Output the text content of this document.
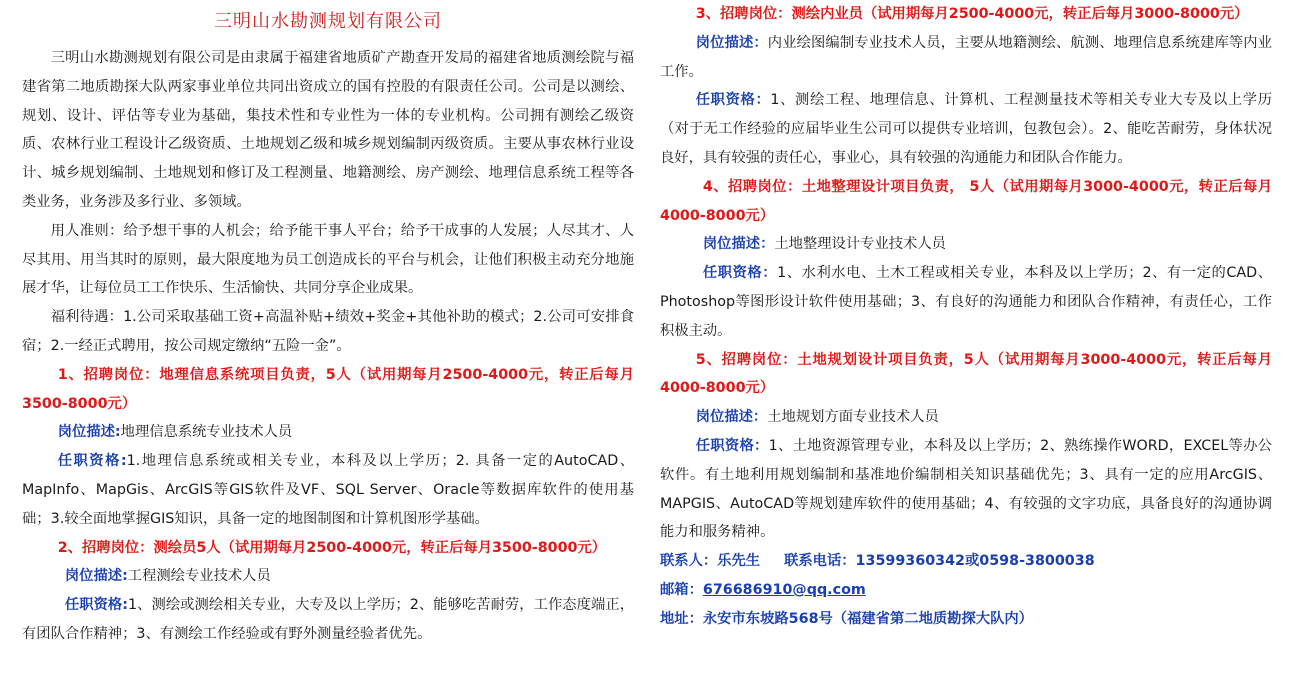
三明山水勘测规划有限公司

三明山水勘测规划有限公司是由隶属于福建省地质矿产勘查开发局的福建省地质测绘院与福建省第二地质勘探大队两家事业单位共同出资成立的国有控股的有限责任公司。公司是以测绘、规划、设计、评估等专业为基础，集技术性和专业性为一体的专业机构。公司拥有测绘乙级资质、农林行业工程设计乙级资质、土地规划乙级和城乡规划编制丙级资质。主要从事农林行业设计、城乡规划编制、土地规划和修订及工程测量、地籍测绘、房产测绘、地理信息系统工程等各类业务，业务涉及多行业、多领域。

用人准则：给予想干事的人机会；给予能干事人平台；给予干成事的人发展；人尽其才、人尽其用、用当其时的原则，最大限度地为员工创造成长的平台与机会，让他们积极主动充分地施展才华，让每位员工工作快乐、生活愉快、共同分享企业成果。

福利待遇：1.公司采取基础工资+高温补贴+绩效+奖金+其他补助的模式；2.公司可安排食宿；2.一经正式聘用，按公司规定缴纳“五险一金”。

1、招聘岗位：地理信息系统项目负责，5人（试用期每月2500-4000元，转正后每月3500-8000元）

岗位描述:地理信息系统专业技术人员

任职资格:1.地理信息系统或相关专业，本科及以上学历；2. 具备一定的AutoCAD、MapInfo、MapGis、ArcGIS等GIS软件及VF、SQL Server、Oracle等数据库软件的使用基础；3.较全面地掌握GIS知识，具备一定的地图制图和计算机图形学基础。

2、招聘岗位：测绘员5人（试用期每月2500-4000元，转正后每月3500-8000元）

岗位描述:工程测绘专业技术人员

任职资格:1、测绘或测绘相关专业，大专及以上学历；2、能够吃苦耐劳，工作态度端正，有团队合作精神；3、有测绘工作经验或有野外测量经验者优先。

3、招聘岗位：测绘内业员（试用期每月2500-4000元，转正后每月3000-8000元）

岗位描述：内业绘图编制专业技术人员，主要从地籍测绘、航测、地理信息系统建库等内业工作。

任职资格：1、测绘工程、地理信息、计算机、工程测量技术等相关专业大专及以上学历（对于无工作经验的应届毕业生公司可以提供专业培训，包教包会）。2、能吃苦耐劳，身体状况良好，具有较强的责任心，事业心，具有较强的沟通能力和团队合作能力。

4、招聘岗位：土地整理设计项目负责， 5人（试用期每月3000-4000元，转正后每月4000-8000元）

岗位描述：土地整理设计专业技术人员

任职资格：1、水利水电、土木工程或相关专业，本科及以上学历；2、有一定的CAD、Photoshop等图形设计软件使用基础；3、有良好的沟通能力和团队合作精神，有责任心，工作积极主动。

5、招聘岗位：土地规划设计项目负责，5人（试用期每月3000-4000元，转正后每月4000-8000元）

岗位描述：土地规划方面专业技术人员

任职资格：1、土地资源管理专业，本科及以上学历；2、熟练操作WORD，EXCEL等办公软件。有土地利用规划编制和基准地价编制相关知识基础优先；3、具有一定的应用ArcGIS、MAPGIS、AutoCAD等规划建库软件的使用基础；4、有较强的文字功底，具备良好的沟通协调能力和服务精神。

联系人：乐先生 联系电话：13599360342或0598-3800038

邮箱：676686910@qq.com

地址：永安市东坡路568号（福建省第二地质勘探大队内）
